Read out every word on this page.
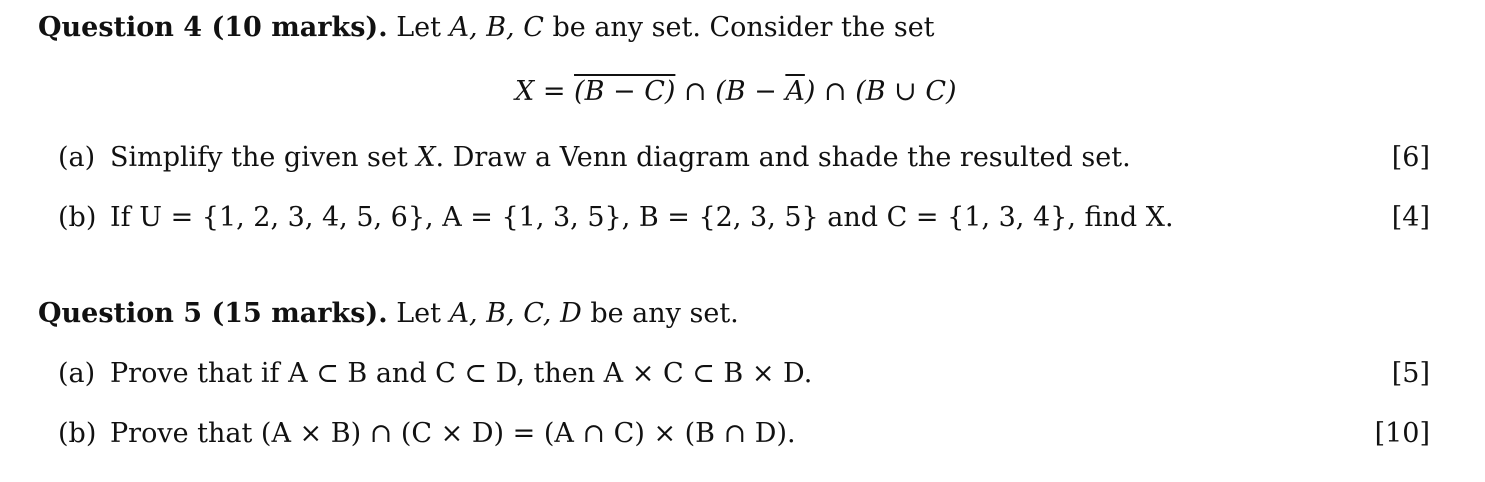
Question 4 (10 marks). Let A, B, C be any set. Consider the set
X = (B − C) ∩ $(B - \overline{A})$ ∩ (B ∪ C)
(a) Simplify the given set X. Draw a Venn diagram and shade the resulted set.	[6]
(b) If U = {1, 2, 3, 4, 5, 6}, A = {1, 3, 5}, B = {2, 3, 5} and C = {1, 3, 4}, find X.	[4]
Question 5 (15 marks). Let A, B, C, D be any set.
(a) Prove that if A ⊂ B and C ⊂ D, then A × C ⊂ B × D.	[5]
(b) Prove that (A × B) ∩ (C × D) = (A ∩ C) × (B ∩ D).	[10]
